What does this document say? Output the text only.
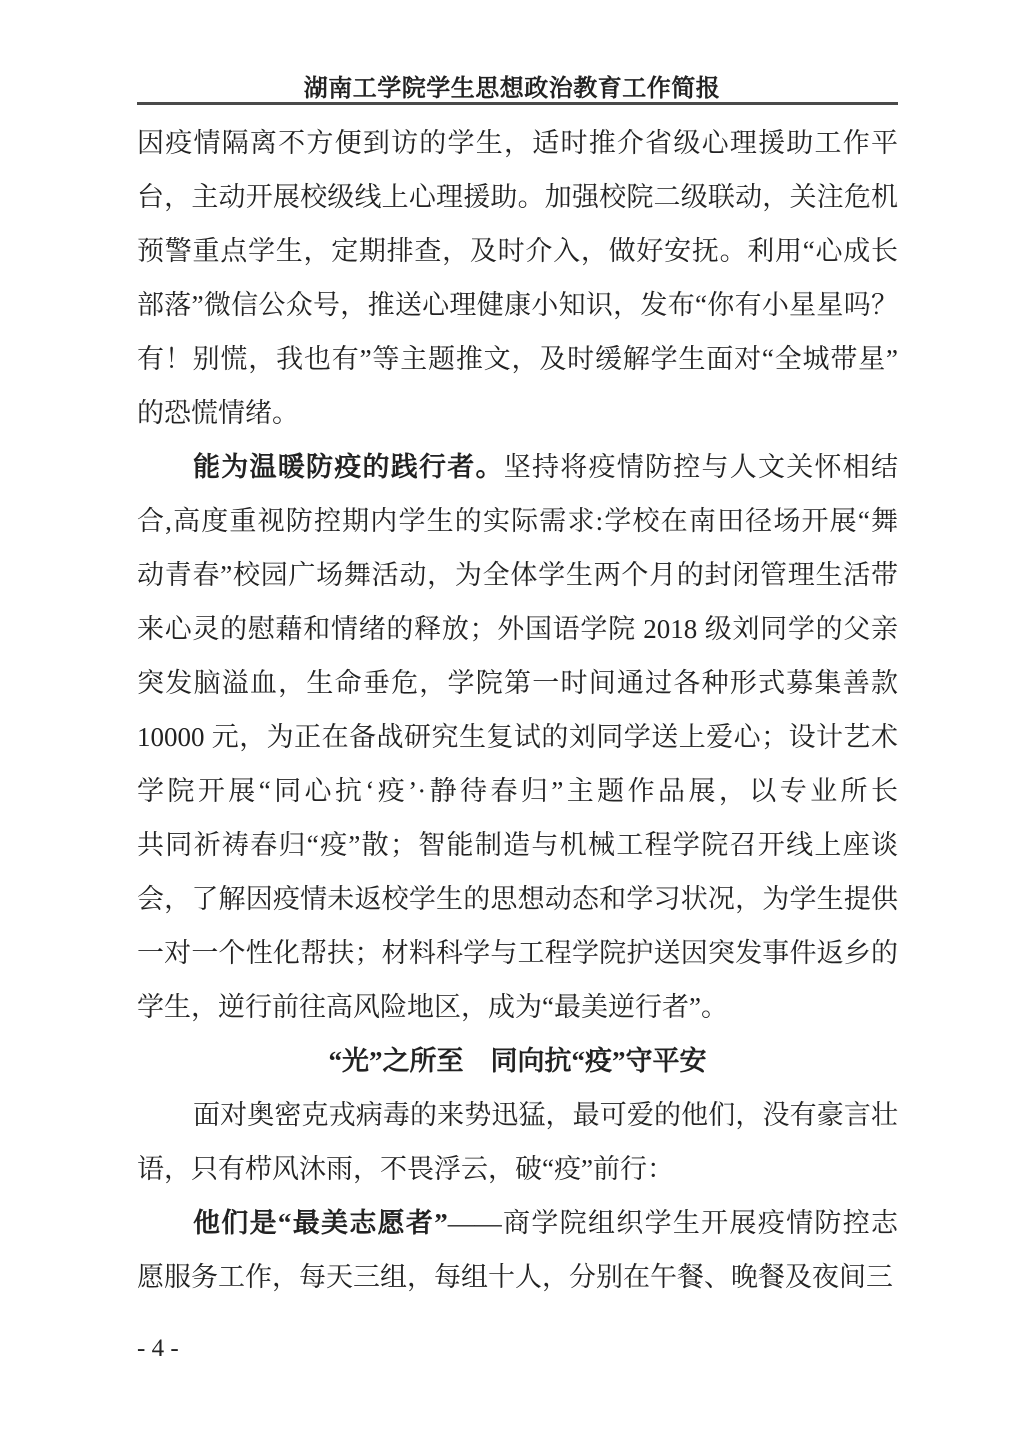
湖南工学院学生思想政治教育工作简报
因疫情隔离不方便到访的学生，适时推介省级心理援助工作平
台，主动开展校级线上心理援助。加强校院二级联动，关注危机
预警重点学生，定期排查，及时介入，做好安抚。利用“心成长
部落”微信公众号，推送心理健康小知识，发布“你有小星星吗？
有！别慌，我也有”等主题推文，及时缓解学生面对“全城带星”
的恐慌情绪。
能为温暖防疫的践行者。坚持将疫情防控与人文关怀相结
合,高度重视防控期内学生的实际需求:学校在南田径场开展“舞
动青春”校园广场舞活动，为全体学生两个月的封闭管理生活带
来心灵的慰藉和情绪的释放；外国语学院 2018 级刘同学的父亲
突发脑溢血，生命垂危，学院第一时间通过各种形式募集善款
10000 元，为正在备战研究生复试的刘同学送上爱心；设计艺术
学院开展“同心抗‘疫’·静待春归”主题作品展，以专业所长
共同祈祷春归“疫”散；智能制造与机械工程学院召开线上座谈
会，了解因疫情未返校学生的思想动态和学习状况，为学生提供
一对一个性化帮扶；材料科学与工程学院护送因突发事件返乡的
学生，逆行前往高风险地区，成为“最美逆行者”。
“光”之所至　同向抗“疫”守平安
面对奥密克戎病毒的来势迅猛，最可爱的他们，没有豪言壮
语，只有栉风沐雨，不畏浮云，破“疫”前行：
他们是“最美志愿者”——商学院组织学生开展疫情防控志
愿服务工作，每天三组，每组十人，分别在午餐、晚餐及夜间三
- 4 -
